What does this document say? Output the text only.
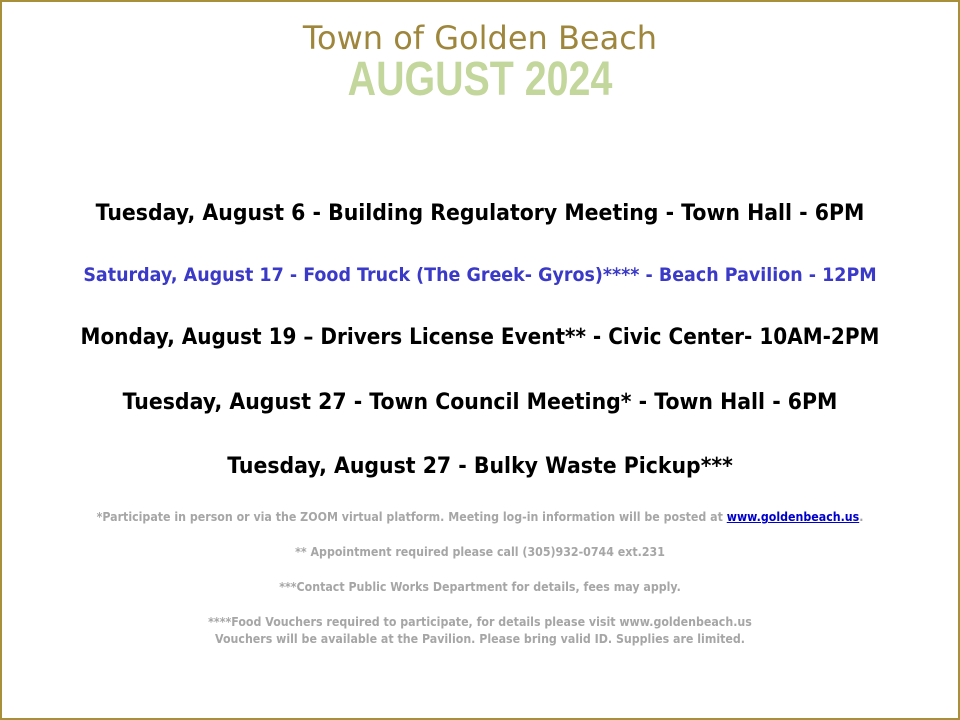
Town of Golden Beach
AUGUST 2024
Tuesday, August 6 - Building Regulatory Meeting - Town Hall - 6PM
Saturday, August 17 - Food Truck (The Greek- Gyros)**** - Beach Pavilion - 12PM
Monday, August 19 – Drivers License Event** - Civic Center- 10AM-2PM
Tuesday, August 27 - Town Council Meeting* - Town Hall - 6PM
Tuesday, August 27 - Bulky Waste Pickup***
*Participate in person or via the ZOOM virtual platform. Meeting log-in information will be posted at www.goldenbeach.us.
** Appointment required please call (305)932-0744 ext.231
***Contact Public Works Department for details, fees may apply.
****Food Vouchers required to participate, for details please visit www.goldenbeach.us
Vouchers will be available at the Pavilion. Please bring valid ID. Supplies are limited.
